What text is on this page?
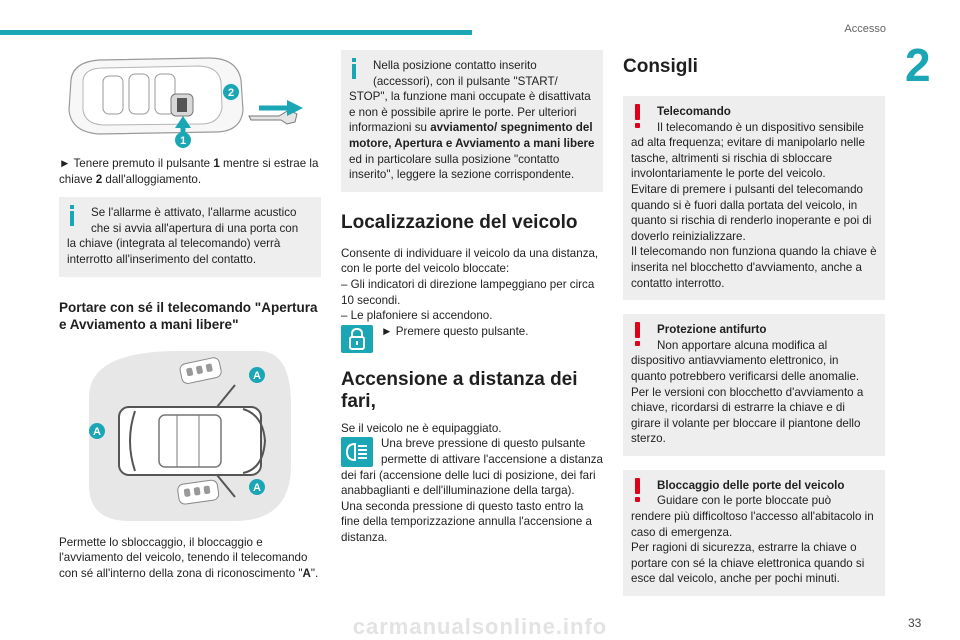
Accesso
2
2
1
► Tenere premuto il pulsante 1 mentre si estrae la chiave 2 dall'alloggiamento.
Se l'allarme è attivato, l'allarme acustico che si avvia all'apertura di una porta con
la chiave (integrata al telecomando) verrà interrotto all'inserimento del contatto.
Portare con sé il telecomando "Apertura e Avviamento a mani libere"
A
A
A
Permette lo sbloccaggio, il bloccaggio e l'avviamento del veicolo, tenendo il telecomando con sé all'interno della zona di riconoscimento "A".
Nella posizione contatto inserito (accessori), con il pulsante "START/
STOP", la funzione mani occupate è disattivata e non è possibile aprire le porte. Per ulteriori informazioni su avviamento/ spegnimento del motore, Apertura e Avviamento a mani libere ed in particolare sulla posizione "contatto inserito", leggere la sezione corrispondente.
Localizzazione del veicolo
Consente di individuare il veicolo da una distanza, con le porte del veicolo bloccate:
– Gli indicatori di direzione lampeggiano per circa 10 secondi.
– Le plafoniere si accendono.
► Premere questo pulsante.
Accensione a distanza dei fari,
Se il veicolo ne è equipaggiato.
Una breve pressione di questo pulsante permette di attivare l'accensione a distanza dei fari (accensione delle luci di posizione, dei fari anabbaglianti e dell'illuminazione della targa).
Una seconda pressione di questo tasto entro la fine della temporizzazione annulla l'accensione a distanza.
Consigli
Telecomando
Il telecomando è un dispositivo sensibile
ad alta frequenza; evitare di manipolarlo nelle tasche, altrimenti si rischia di sbloccare involontariamente le porte del veicolo.
Evitare di premere i pulsanti del telecomando quando si è fuori dalla portata del veicolo, in quanto si rischia di renderlo inoperante e poi di doverlo reinizializzare.
Il telecomando non funziona quando la chiave è inserita nel blocchetto d'avviamento, anche a contatto interrotto.
Protezione antifurto
Non apportare alcuna modifica al
dispositivo antiavviamento elettronico, in quanto potrebbero verificarsi delle anomalie.
Per le versioni con blocchetto d'avviamento a chiave, ricordarsi di estrarre la chiave e di girare il volante per bloccare il piantone dello sterzo.
Bloccaggio delle porte del veicolo
Guidare con le porte bloccate può
rendere più difficoltoso l'accesso all'abitacolo in caso di emergenza.
Per ragioni di sicurezza, estrarre la chiave o portare con sé la chiave elettronica quando si esce dal veicolo, anche per pochi minuti.
carmanualsonline.info	33
